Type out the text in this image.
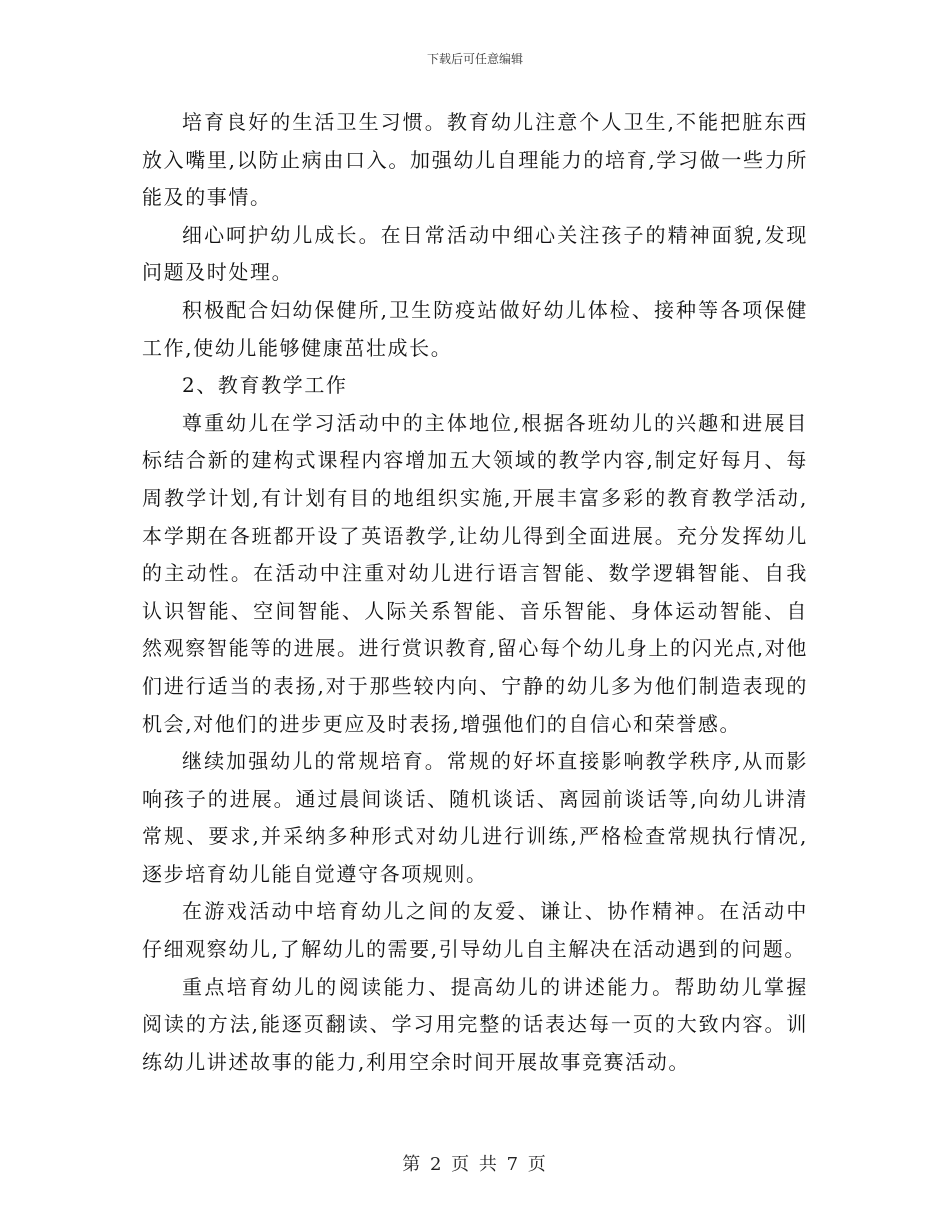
下载后可任意编辑

培育良好的生活卫生习惯。教育幼儿注意个人卫生,不能把脏东西放入嘴里,以防止病由口入。加强幼儿自理能力的培育,学习做一些力所能及的事情。

细心呵护幼儿成长。在日常活动中细心关注孩子的精神面貌,发现问题及时处理。

积极配合妇幼保健所,卫生防疫站做好幼儿体检、接种等各项保健工作,使幼儿能够健康茁壮成长。

2、教育教学工作

尊重幼儿在学习活动中的主体地位,根据各班幼儿的兴趣和进展目标结合新的建构式课程内容增加五大领域的教学内容,制定好每月、每周教学计划,有计划有目的地组织实施,开展丰富多彩的教育教学活动,本学期在各班都开设了英语教学,让幼儿得到全面进展。充分发挥幼儿的主动性。在活动中注重对幼儿进行语言智能、数学逻辑智能、自我认识智能、空间智能、人际关系智能、音乐智能、身体运动智能、自然观察智能等的进展。进行赏识教育,留心每个幼儿身上的闪光点,对他们进行适当的表扬,对于那些较内向、宁静的幼儿多为他们制造表现的机会,对他们的进步更应及时表扬,增强他们的自信心和荣誉感。

继续加强幼儿的常规培育。常规的好坏直接影响教学秩序,从而影响孩子的进展。通过晨间谈话、随机谈话、离园前谈话等,向幼儿讲清常规、要求,并采纳多种形式对幼儿进行训练,严格检查常规执行情况,逐步培育幼儿能自觉遵守各项规则。

在游戏活动中培育幼儿之间的友爱、谦让、协作精神。在活动中仔细观察幼儿,了解幼儿的需要,引导幼儿自主解决在活动遇到的问题。

重点培育幼儿的阅读能力、提高幼儿的讲述能力。帮助幼儿掌握阅读的方法,能逐页翻读、学习用完整的话表达每一页的大致内容。训练幼儿讲述故事的能力,利用空余时间开展故事竞赛活动。

第 2 页 共 7 页
